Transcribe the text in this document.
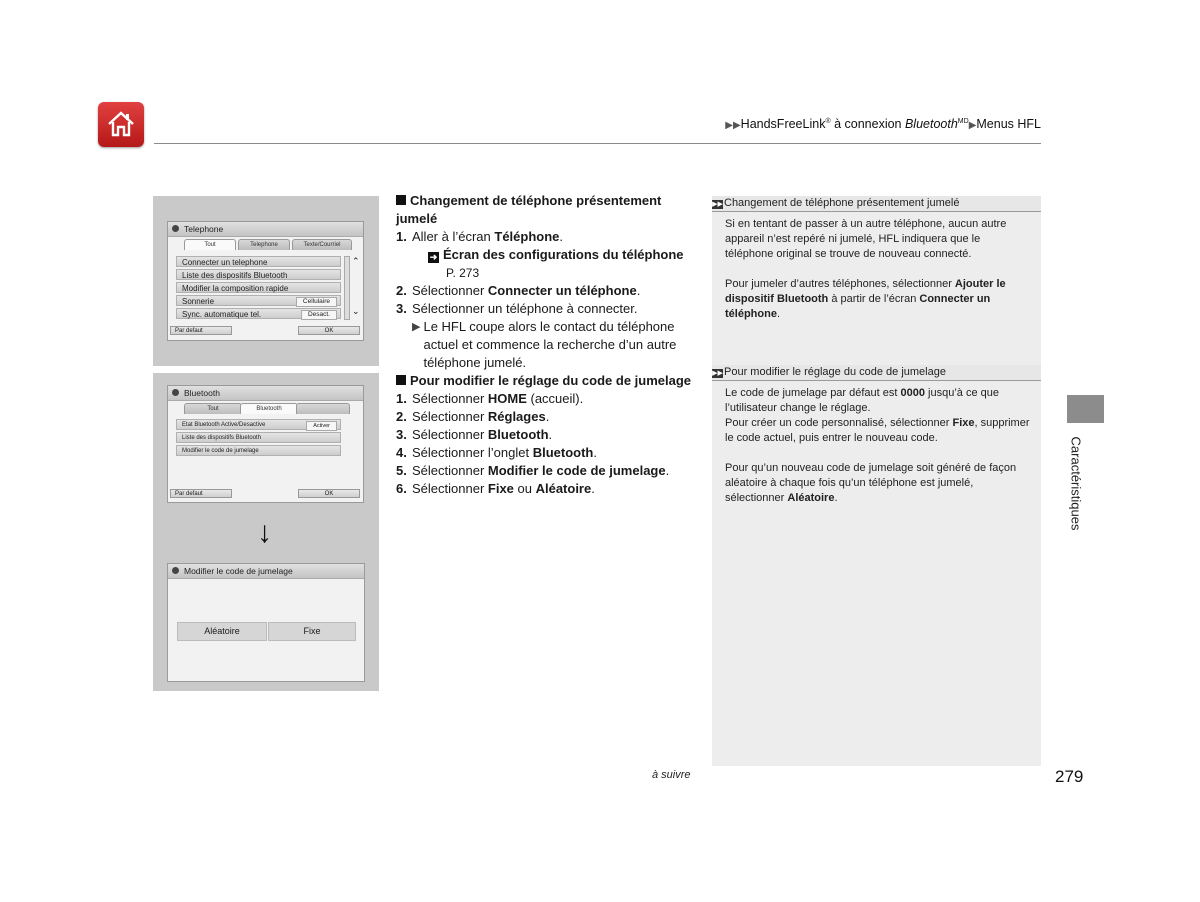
▶▶HandsFreeLink® à connexion Bluetooth$^{MD}$▶Menus HFL
Telephone
Tout	Telephone	Texte/Courriel
Connecter un telephone
Liste des dispositifs Bluetooth
Modifier la composition rapide
Sonnerie	Cellulaire
Sync. automatique tel.	Desact.
⌃
⌄
Par defaut	OK
Bluetooth
Tout	Bluetooth
Etat Bluetooth Active/Desactive	Activer
Liste des dispositifs Bluetooth
Modifier le code de jumelage
Par defaut	OK
↓
Modifier le code de jumelage
Aléatoire	Fixe
Changement de téléphone présentement jumelé
1. Aller à l’écran Téléphone.
➜ Écran des configurations du téléphone
P. 273
2. Sélectionner Connecter un téléphone.
3. Sélectionner un téléphone à connecter.
▶ Le HFL coupe alors le contact du téléphone actuel et commence la recherche d’un autre téléphone jumelé.
Pour modifier le réglage du code de jumelage
1. Sélectionner HOME (accueil).
2. Sélectionner Réglages.
3. Sélectionner Bluetooth.
4. Sélectionner l’onglet Bluetooth.
5. Sélectionner Modifier le code de jumelage.
6. Sélectionner Fixe ou Aléatoire.
▶▶Changement de téléphone présentement jumelé

Si en tentant de passer à un autre téléphone, aucun autre appareil n’est repéré ni jumelé, HFL indiquera que le téléphone original se trouve de nouveau connecté.

Pour jumeler d’autres téléphones, sélectionner Ajouter le dispositif Bluetooth à partir de l’écran Connecter un téléphone.

▶▶Pour modifier le réglage du code de jumelage

Le code de jumelage par défaut est 0000 jusqu’à ce que l’utilisateur change le réglage.

Pour créer un code personnalisé, sélectionner Fixe, supprimer le code actuel, puis entrer le nouveau code.

Pour qu’un nouveau code de jumelage soit généré de façon aléatoire à chaque fois qu’un téléphone est jumelé, sélectionner Aléatoire.	Caractéristiques
à suivre	279
